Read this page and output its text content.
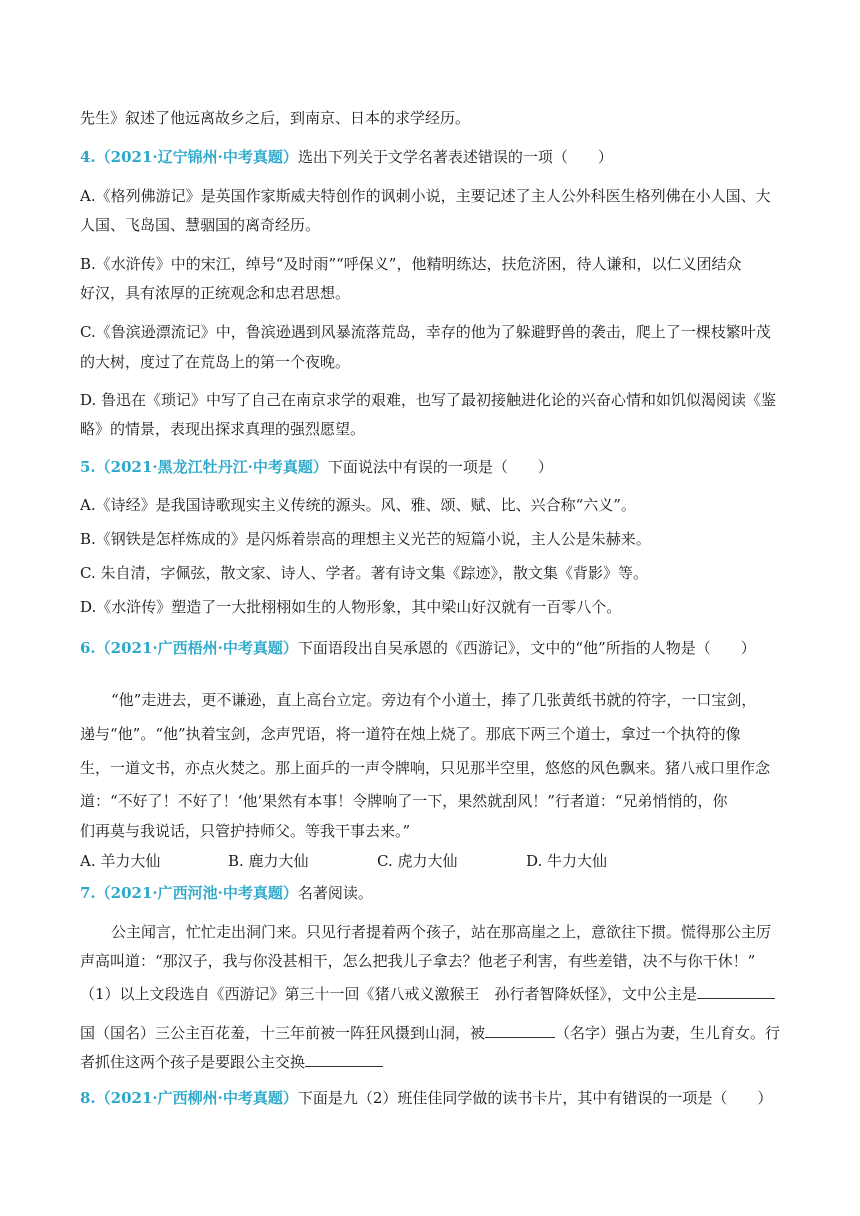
先生》叙述了他远离故乡之后，到南京、日本的求学经历。
4.（2021·辽宁锦州·中考真题）选出下列关于文学名著表述错误的一项（　　）
A.《格列佛游记》是英国作家斯威夫特创作的讽刺小说，主要记述了主人公外科医生格列佛在小人国、大
人国、飞岛国、慧骃国的离奇经历。
B.《水浒传》中的宋江，绰号“及时雨”“呼保义”，他精明练达，扶危济困，待人谦和，以仁义团结众
好汉，具有浓厚的正统观念和忠君思想。
C.《鲁滨逊漂流记》中，鲁滨逊遇到风暴流落荒岛，幸存的他为了躲避野兽的袭击，爬上了一棵枝繁叶茂
的大树，度过了在荒岛上的第一个夜晚。
D. 鲁迅在《琐记》中写了自己在南京求学的艰难，也写了最初接触进化论的兴奋心情和如饥似渴阅读《鉴
略》的情景，表现出探求真理的强烈愿望。
5.（2021·黑龙江牡丹江·中考真题）下面说法中有误的一项是（　　）
A.《诗经》是我国诗歌现实主义传统的源头。风、雅、颂、赋、比、兴合称“六义”。
B.《钢铁是怎样炼成的》是闪烁着崇高的理想主义光芒的短篇小说，主人公是朱赫来。
C. 朱自清，字佩弦，散文家、诗人、学者。著有诗文集《踪迹》，散文集《背影》等。
D.《水浒传》塑造了一大批栩栩如生的人物形象，其中梁山好汉就有一百零八个。
6.（2021·广西梧州·中考真题）下面语段出自吴承恩的《西游记》，文中的“他”所指的人物是（　　）
“他”走进去，更不谦逊，直上高台立定。旁边有个小道士，捧了几张黄纸书就的符字，一口宝剑，
递与“他”。“他”执着宝剑，念声咒语，将一道符在烛上烧了。那底下两三个道士，拿过一个执符的像
生，一道文书，亦点火焚之。那上面乒的一声令牌响，只见那半空里，悠悠的风色飘来。猪八戒口里作念
道：“不好了！不好了！‘他’果然有本事！令牌响了一下，果然就刮风！”行者道：“兄弟悄悄的，你
们再莫与我说话，只管护持师父。等我干事去来。”
A. 羊力大仙	B. 鹿力大仙	C. 虎力大仙	D. 牛力大仙
7.（2021·广西河池·中考真题）名著阅读。
公主闻言，忙忙走出洞门来。只见行者提着两个孩子，站在那高崖之上，意欲往下掼。慌得那公主厉
声高叫道：“那汉子，我与你没甚相干，怎么把我儿子拿去？他老子利害，有些差错，决不与你干休！”
（1）以上文段选自《西游记》第三十一回《猪八戒义激猴王　孙行者智降妖怪》，文中公主是
国（国名）三公主百花羞，十三年前被一阵狂风摄到山洞，被	（名字）强占为妻，生儿育女。行
者抓住这两个孩子是要跟公主交换
8.（2021·广西柳州·中考真题）下面是九（2）班佳佳同学做的读书卡片，其中有错误的一项是（　　）
